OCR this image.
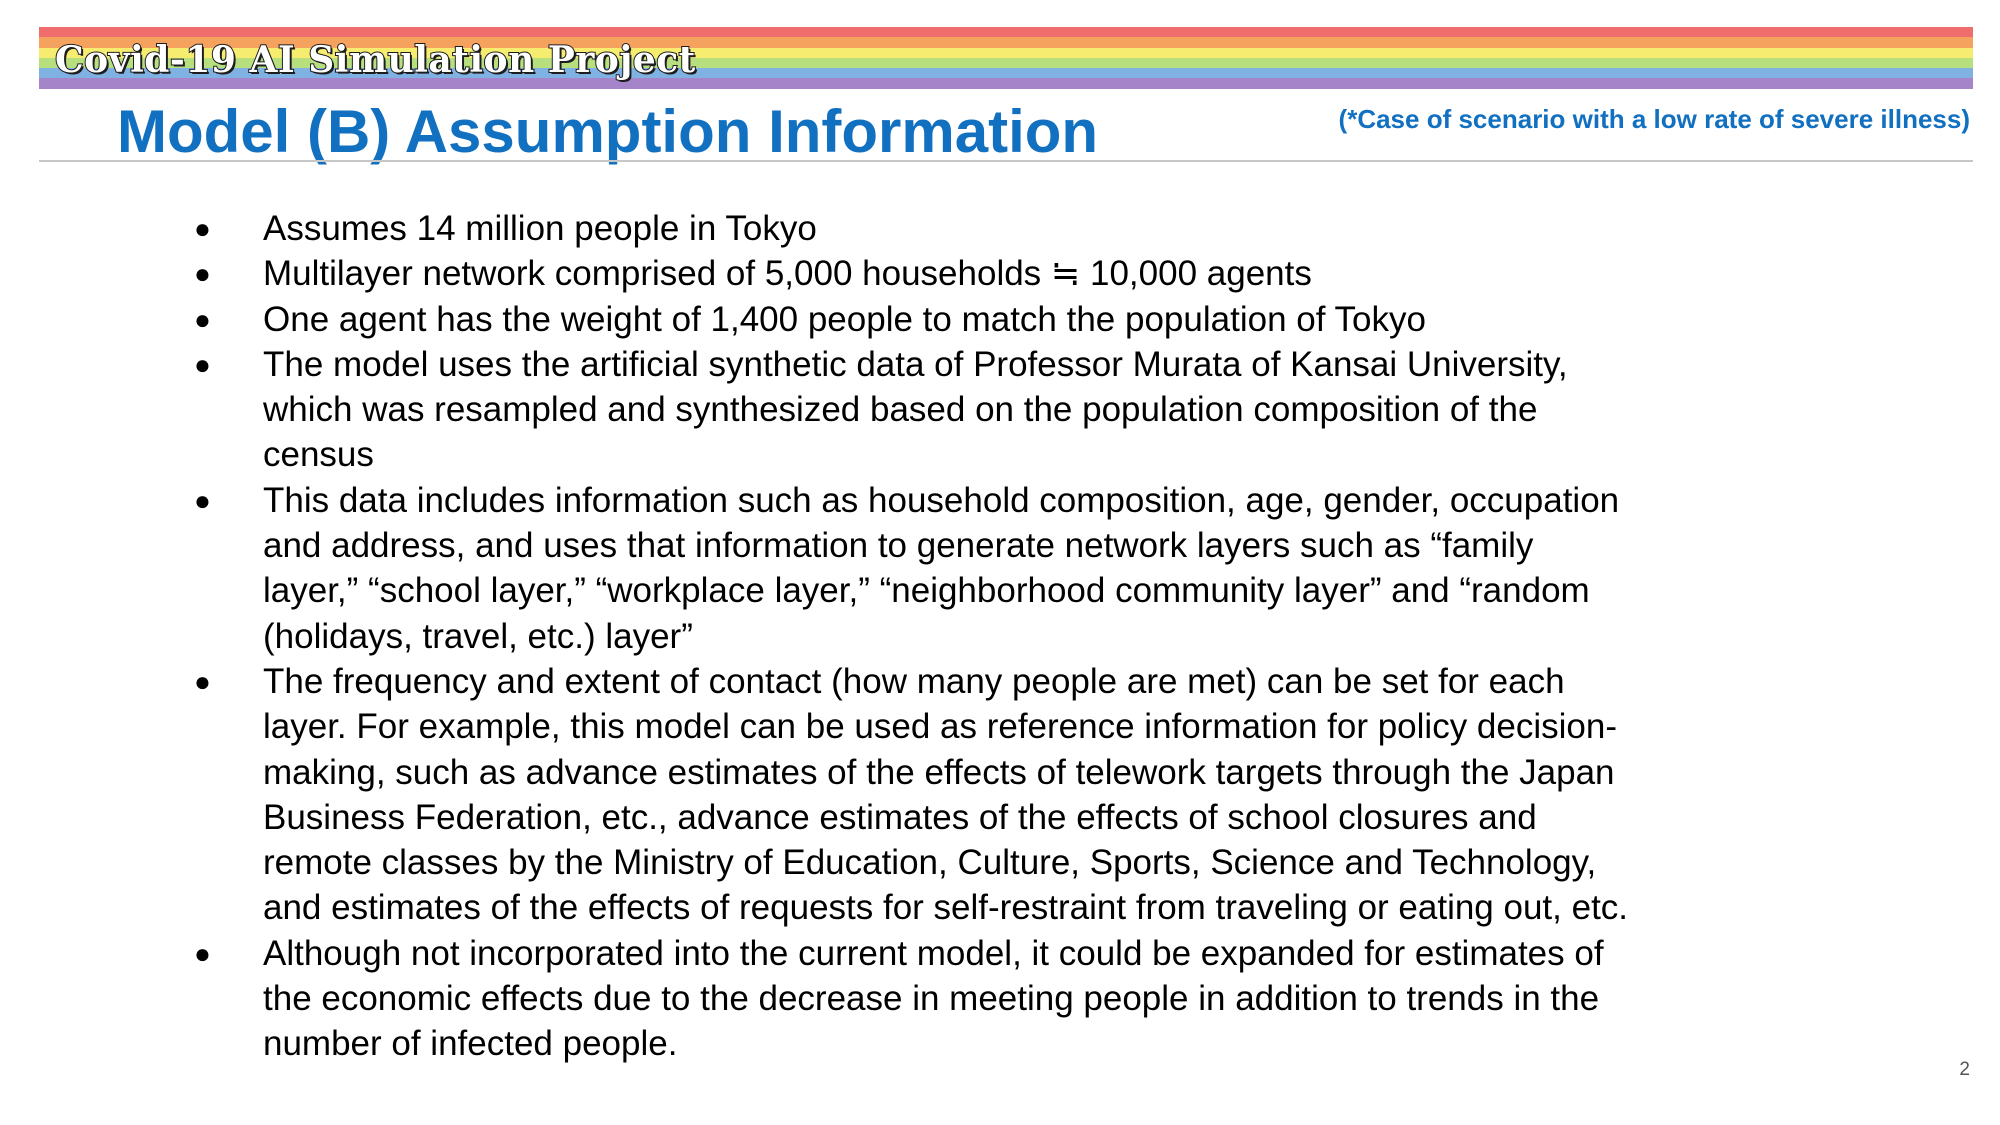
Covid-19 AI Simulation Project
Model (B) Assumption Information	(*Case of scenario with a low rate of severe illness)

●	Assumes 14 million people in Tokyo
●	Multilayer network comprised of 5,000 households ≒ 10,000 agents
●	One agent has the weight of 1,400 people to match the population of Tokyo
●	The model uses the artificial synthetic data of Professor Murata of Kansai University,
which was resampled and synthesized based on the population composition of the
census
●	This data includes information such as household composition, age, gender, occupation
and address, and uses that information to generate network layers such as “family
layer,” “school layer,” “workplace layer,” “neighborhood community layer” and “random
(holidays, travel, etc.) layer”
●	The frequency and extent of contact (how many people are met) can be set for each
layer. For example, this model can be used as reference information for policy decision-
making, such as advance estimates of the effects of telework targets through the Japan
Business Federation, etc., advance estimates of the effects of school closures and
remote classes by the Ministry of Education, Culture, Sports, Science and Technology,
and estimates of the effects of requests for self-restraint from traveling or eating out, etc.
●	Although not incorporated into the current model, it could be expanded for estimates of
the economic effects due to the decrease in meeting people in addition to trends in the
number of infected people.

2
